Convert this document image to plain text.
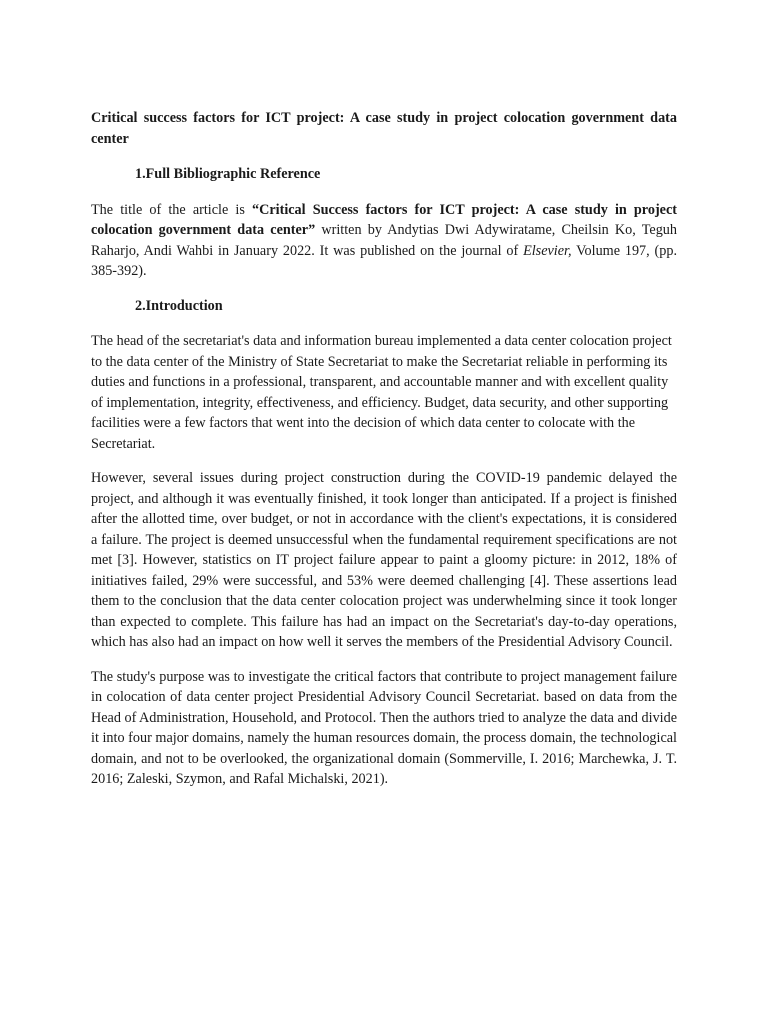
Critical success factors for ICT project: A case study in project colocation government data center
1.Full Bibliographic Reference

The title of the article is “Critical Success factors for ICT project: A case study in project colocation government data center” written by Andytias Dwi Adywiratame, Cheilsin Ko, Teguh Raharjo, Andi Wahbi in January 2022. It was published on the journal of Elsevier, Volume 197, (pp. 385-392).

2.Introduction

The head of the secretariat's data and information bureau implemented a data center colocation project to the data center of the Ministry of State Secretariat to make the Secretariat reliable in performing its duties and functions in a professional, transparent, and accountable manner and with excellent quality of implementation, integrity, effectiveness, and efficiency. Budget, data security, and other supporting facilities were a few factors that went into the decision of which data center to colocate with the Secretariat.

However, several issues during project construction during the COVID-19 pandemic delayed the project, and although it was eventually finished, it took longer than anticipated. If a project is finished after the allotted time, over budget, or not in accordance with the client's expectations, it is considered a failure. The project is deemed unsuccessful when the fundamental requirement specifications are not met [3]. However, statistics on IT project failure appear to paint a gloomy picture: in 2012, 18% of initiatives failed, 29% were successful, and 53% were deemed challenging [4]. These assertions lead them to the conclusion that the data center colocation project was underwhelming since it took longer than expected to complete. This failure has had an impact on the Secretariat's day-to-day operations, which has also had an impact on how well it serves the members of the Presidential Advisory Council.

The study's purpose was to investigate the critical factors that contribute to project management failure in colocation of data center project Presidential Advisory Council Secretariat. based on data from the Head of Administration, Household, and Protocol. Then the authors tried to analyze the data and divide it into four major domains, namely the human resources domain, the process domain, the technological domain, and not to be overlooked, the organizational domain (Sommerville, I. 2016; Marchewka, J. T. 2016; Zaleski, Szymon, and Rafal Michalski, 2021).
